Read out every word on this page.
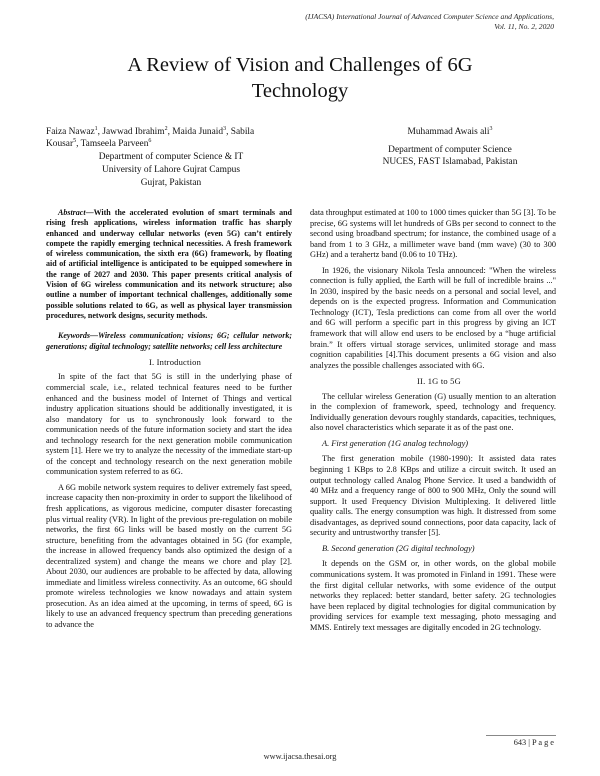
(IJACSA) International Journal of Advanced Computer Science and Applications,
Vol. 11, No. 2, 2020
A Review of Vision and Challenges of 6G
Technology
Faiza Nawaz$^1$, Jawwad Ibrahim$^2$, Maida Junaid$^3$, Sabila
Kousar$^5$, Tamseela Parveen$^6$
Department of computer Science & IT
University of Lahore Gujrat Campus
Gujrat, Pakistan
Muhammad Awais ali$^3$
Department of computer Science
NUCES, FAST Islamabad, Pakistan

Abstract—With the accelerated evolution of smart terminals and rising fresh applications, wireless information traffic has sharply enhanced and underway cellular networks (even 5G) can’t entirely compete the rapidly emerging technical necessities. A fresh framework of wireless communication, the sixth era (6G) framework, by floating aid of artificial intelligence is anticipated to be equipped somewhere in the range of 2027 and 2030. This paper presents critical analysis of Vision of 6G wireless communication and its network structure; also outline a number of important technical challenges, additionally some possible solutions related to 6G, as well as physical layer transmission procedures, network designs, security methods.

Keywords—Wireless communication; visions; 6G; cellular network; generations; digital technology; satellite networks; cell less architecture

I. Introduction

In spite of the fact that 5G is still in the underlying phase of commercial scale, i.e., related technical features need to be further enhanced and the business model of Internet of Things and vertical industry application situations should be additionally investigated, it is also mandatory for us to synchronously look forward to the communication needs of the future information society and start the idea and technology research for the next generation mobile communication system [1]. Here we try to analyze the necessity of the immediate start-up of the concept and technology research on the next generation mobile communication system referred to as 6G.

A 6G mobile network system requires to deliver extremely fast speed, increase capacity then non-proximity in order to support the likelihood of fresh applications, as vigorous medicine, computer disaster forecasting plus virtual reality (VR). In light of the previous pre-regulation on mobile networks, the first 6G links will be based mostly on the current 5G structure, benefiting from the advantages obtained in 5G (for example, the increase in allowed frequency bands also optimized the design of a decentralized system) and change the means we chore and play [2]. About 2030, our audiences are probable to be affected by data, allowing immediate and limitless wireless connectivity. As an outcome, 6G should promote wireless technologies we know nowadays and attain system prosecution. As an idea aimed at the upcoming, in terms of speed, 6G is likely to use an advanced frequency spectrum than preceding generations to advance the

data throughput estimated at 100 to 1000 times quicker than 5G [3]. To be precise, 6G systems will let hundreds of GBs per second to connect to the second using broadband spectrum; for instance, the combined usage of a band from 1 to 3 GHz, a millimeter wave band (mm wave) (30 to 300 GHz) and a terahertz band (0.06 to 10 THz).

In 1926, the visionary Nikola Tesla announced: "When the wireless connection is fully applied, the Earth will be full of incredible brains ..." In 2030, inspired by the basic needs on a personal and social level, and depends on is the expected progress. Information and Communication Technology (ICT), Tesla predictions can come from all over the world and 6G will perform a specific part in this progress by giving an ICT framework that will allow end users to be enclosed by a “huge artificial brain.” It offers virtual storage services, unlimited storage and mass cognition capabilities [4].This document presents a 6G vision and also analyzes the possible challenges associated with 6G.

II. 1G to 5G

The cellular wireless Generation (G) usually mention to an alteration in the complexion of framework, speed, technology and frequency. Individually generation devours roughly standards, capacities, techniques, also novel characteristics which separate it as of the past one.

A. First generation (1G analog technology)

The first generation mobile (1980-1990): It assisted data rates beginning 1 KBps to 2.8 KBps and utilize a circuit switch. It used an output technology called Analog Phone Service. It used a bandwidth of 40 MHz and a frequency range of 800 to 900 MHz, Only the sound will support. It used Frequency Division Multiplexing. It delivered little quality calls. The energy consumption was high. It distressed from some disadvantages, as deprived sound connections, poor data capacity, lack of security and untrustworthy transfer [5].

B. Second generation (2G digital technology)

It depends on the GSM or, in other words, on the global mobile communications system. It was promoted in Finland in 1991. These were the first digital cellular networks, with some evidence of the output networks they replaced: better standard, better safety. 2G technologies have been replaced by digital technologies for digital communication by providing services for example text messaging, photo messaging and MMS. Entirely text messages are digitally encoded in 2G technology.

643 | P a g e
www.ijacsa.thesai.org
